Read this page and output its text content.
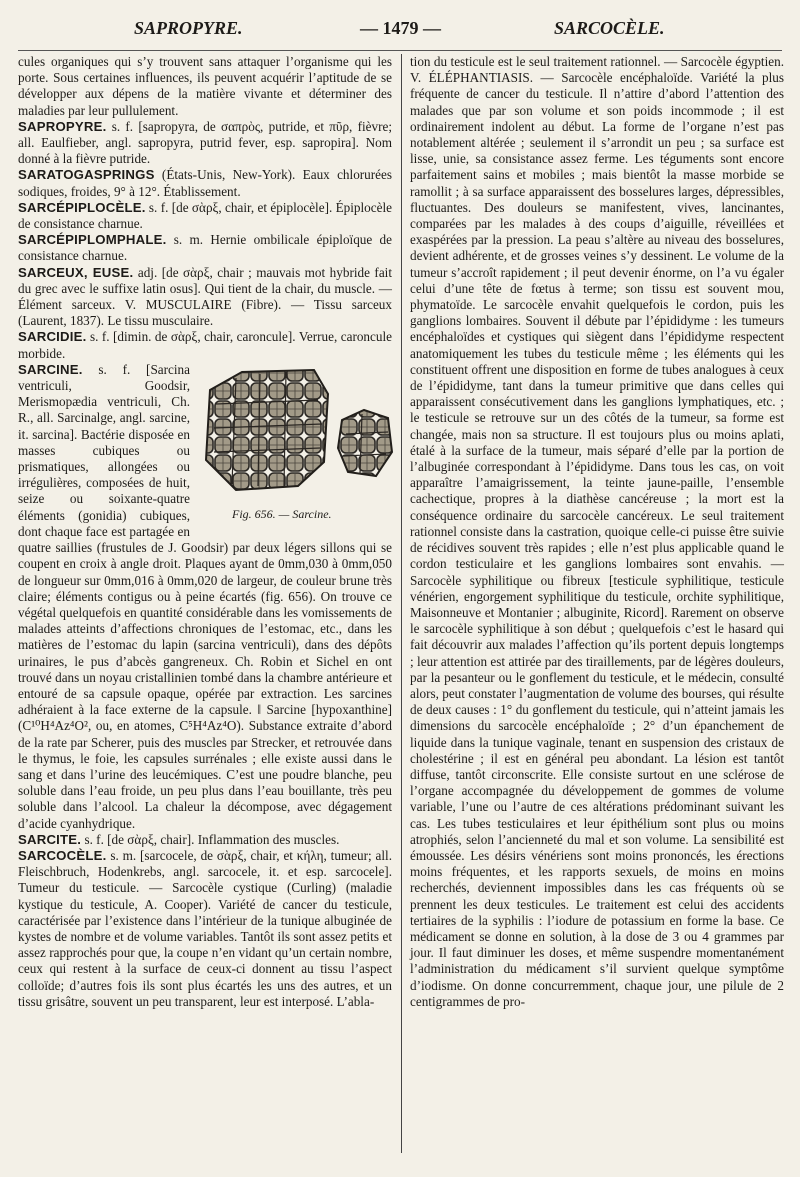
SAPROPYRE.	— 1479 —	SARCOCÈLE.

cules organiques qui s’y trouvent sans attaquer l’organisme qui les porte. Sous certaines influences, ils peuvent acquérir l’aptitude de se développer aux dépens de la matière vivante et déterminer des maladies par leur pullulement.

SAPROPYRE. s. f. [sapropyra, de σαπρὸς, putride, et πῦρ, fièvre; all. Eaulfieber, angl. sapropyra, putrid fever, esp. sapropira]. Nom donné à la fièvre putride.

SARATOGASPRINGS (États-Unis, New-York). Eaux chlorurées sodiques, froides, 9° à 12°. Établissement.

SARCÉPIPLOCÈLE. s. f. [de σὰρξ, chair, et épiplocèle]. Épiplocèle de consistance charnue.

SARCÉPIPLOMPHALE. s. m. Hernie ombilicale épiploïque de consistance charnue.

SARCEUX, EUSE. adj. [de σὰρξ, chair ; mauvais mot hybride fait du grec avec le suffixe latin osus]. Qui tient de la chair, du muscle. — Élément sarceux. V. MUSCULAIRE (Fibre). — Tissu sarceux (Laurent, 1837). Le tissu musculaire.

SARCIDIE. s. f. [dimin. de σὰρξ, chair, caroncule]. Verrue, caroncule morbide.

Fig. 656. — Sarcine.
SARCINE. s. f. [Sarcina ventriculi, Goodsir, Merismopædia ventriculi, Ch. R., all. Sarcinalge, angl. sarcine, it. sarcina]. Bactérie disposée en masses cubiques ou prismatiques, allongées ou irrégulières, composées de huit, seize ou soixante-quatre éléments (gonidia) cubiques, dont chaque face est partagée en quatre saillies (frustules de J. Goodsir) par deux légers sillons qui se coupent en croix à angle droit. Plaques ayant de 0mm,030 à 0mm,050 de longueur sur 0mm,016 à 0mm,020 de largeur, de couleur brune très claire; éléments contigus ou à peine écartés (fig. 656). On trouve ce végétal quelquefois en quantité considérable dans les vomissements de malades atteints d’affections chroniques de l’estomac, etc., dans les matières de l’estomac du lapin (sarcina ventriculi), dans des dépôts urinaires, le pus d’abcès gangreneux. Ch. Robin et Sichel en ont trouvé dans un noyau cristallinien tombé dans la chambre antérieure et entouré de sa capsule opaque, opérée par extraction. Les sarcines adhéraient à la face externe de la capsule. ‖ Sarcine [hypoxanthine] (C¹⁰H⁴Az⁴O², ou, en atomes, C⁵H⁴Az⁴O). Substance extraite d’abord de la rate par Scherer, puis des muscles par Strecker, et retrouvée dans le thymus, le foie, les capsules surrénales ; elle existe aussi dans le sang et dans l’urine des leucémiques. C’est une poudre blanche, peu soluble dans l’eau froide, un peu plus dans l’eau bouillante, très peu soluble dans l’alcool. La chaleur la décompose, avec dégagement d’acide cyanhydrique.

SARCITE. s. f. [de σὰρξ, chair]. Inflammation des muscles.

SARCOCÈLE. s. m. [sarcocele, de σὰρξ, chair, et κήλη, tumeur; all. Fleischbruch, Hodenkrebs, angl. sarcocele, it. et esp. sarcocele]. Tumeur du testicule. — Sarcocèle cystique (Curling) (maladie kystique du testicule, A. Cooper). Variété de cancer du testicule, caractérisée par l’existence dans l’intérieur de la tunique albuginée de kystes de nombre et de volume variables. Tantôt ils sont assez petits et assez rapprochés pour que, la coupe n’en vidant qu’un certain nombre, ceux qui restent à la surface de ceux-ci donnent au tissu l’aspect colloïde; d’autres fois ils sont plus écartés les uns des autres, et un tissu grisâtre, souvent un peu transparent, leur est interposé. L’abla-

tion du testicule est le seul traitement rationnel. — Sarcocèle égyptien. V. ÉLÉPHANTIASIS. — Sarcocèle encéphaloïde. Variété la plus fréquente de cancer du testicule. Il n’attire d’abord l’attention des malades que par son volume et son poids incommode ; il est ordinairement indolent au début. La forme de l’organe n’est pas notablement altérée ; seulement il s’arrondit un peu ; sa surface est lisse, unie, sa consistance assez ferme. Les téguments sont encore parfaitement sains et mobiles ; mais bientôt la masse morbide se ramollit ; à sa surface apparaissent des bosselures larges, dépressibles, fluctuantes. Des douleurs se manifestent, vives, lancinantes, comparées par les malades à des coups d’aiguille, réveillées et exaspérées par la pression. La peau s’altère au niveau des bosselures, devient adhérente, et de grosses veines s’y dessinent. Le volume de la tumeur s’accroît rapidement ; il peut devenir énorme, on l’a vu égaler celui d’une tête de fœtus à terme; son tissu est souvent mou, phymatoïde. Le sarcocèle envahit quelquefois le cordon, puis les ganglions lombaires. Souvent il débute par l’épididyme : les tumeurs encéphaloïdes et cystiques qui siègent dans l’épididyme respectent anatomiquement les tubes du testicule même ; les éléments qui les constituent offrent une disposition en forme de tubes analogues à ceux de l’épididyme, tant dans la tumeur primitive que dans celles qui apparaissent consécutivement dans les ganglions lymphatiques, etc. ; le testicule se retrouve sur un des côtés de la tumeur, sa forme est changée, mais non sa structure. Il est toujours plus ou moins aplati, étalé à la surface de la tumeur, mais séparé d’elle par la portion de l’albuginée correspondant à l’épididyme. Dans tous les cas, on voit apparaître l’amaigrissement, la teinte jaune-paille, l’ensemble cachectique, propres à la diathèse cancéreuse ; la mort est la conséquence ordinaire du sarcocèle cancéreux. Le seul traitement rationnel consiste dans la castration, quoique celle-ci puisse être suivie de récidives souvent très rapides ; elle n’est plus applicable quand le cordon testiculaire et les ganglions lombaires sont envahis. — Sarcocèle syphilitique ou fibreux [testicule syphilitique, testicule vénérien, engorgement syphilitique du testicule, orchite syphilitique, Maisonneuve et Montanier ; albuginite, Ricord]. Rarement on observe le sarcocèle syphilitique à son début ; quelquefois c’est le hasard qui fait découvrir aux malades l’affection qu’ils portent depuis longtemps ; leur attention est attirée par des tiraillements, par de légères douleurs, par la pesanteur ou le gonflement du testicule, et le médecin, consulté alors, peut constater l’augmentation de volume des bourses, qui résulte de deux causes : 1° du gonflement du testicule, qui n’atteint jamais les dimensions du sarcocèle encéphaloïde ; 2° d’un épanchement de liquide dans la tunique vaginale, tenant en suspension des cristaux de cholestérine ; il est en général peu abondant. La lésion est tantôt diffuse, tantôt circonscrite. Elle consiste surtout en une sclérose de l’organe accompagnée du développement de gommes de volume variable, l’une ou l’autre de ces altérations prédominant suivant les cas. Les tubes testiculaires et leur épithélium sont plus ou moins atrophiés, selon l’ancienneté du mal et son volume. La sensibilité est émoussée. Les désirs vénériens sont moins prononcés, les érections moins fréquentes, et les rapports sexuels, de moins en moins recherchés, deviennent impossibles dans les cas fréquents où se prennent les deux testicules. Le traitement est celui des accidents tertiaires de la syphilis : l’iodure de potassium en forme la base. Ce médicament se donne en solution, à la dose de 3 ou 4 grammes par jour. Il faut diminuer les doses, et même suspendre momentanément l’administration du médicament s’il survient quelque symptôme d’iodisme. On donne concurremment, chaque jour, une pilule de 2 centigrammes de pro-
